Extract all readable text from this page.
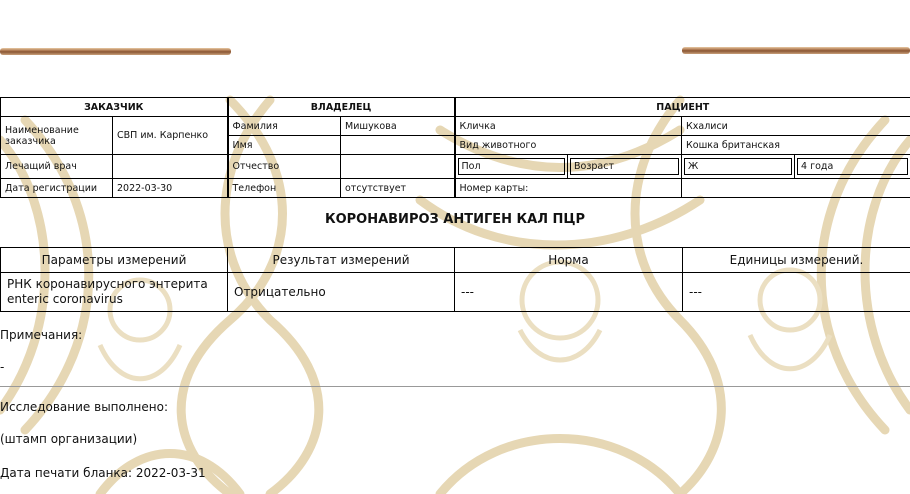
ЗАКАЗЧИК		ВЛАДЕЛЕЦ		ПАЦИЕНТ			
Наименование заказчика	СВП им. Карпенко	Фамилия	Мишукова	Кличка		Кхалиси	
		Имя		Вид животного		Кошка британская	
Лечащий врач		Отчество		Пол	Возраст	Ж	4 года

Дата регистрации	2022-03-30	Телефон	отсутствует	Номер карты:			
КОРОНАВИРОЗ АНТИГЕН КАЛ ПЦР
Параметры измерений	Результат измерений	Норма	Единицы измерений.
РНК коронавирусного энтерита enteric coronavirus	Отрицательно	---	---
Примечания:
-
Исследование выполнено:
(штамп организации)
Дата печати бланка: 2022-03-31
